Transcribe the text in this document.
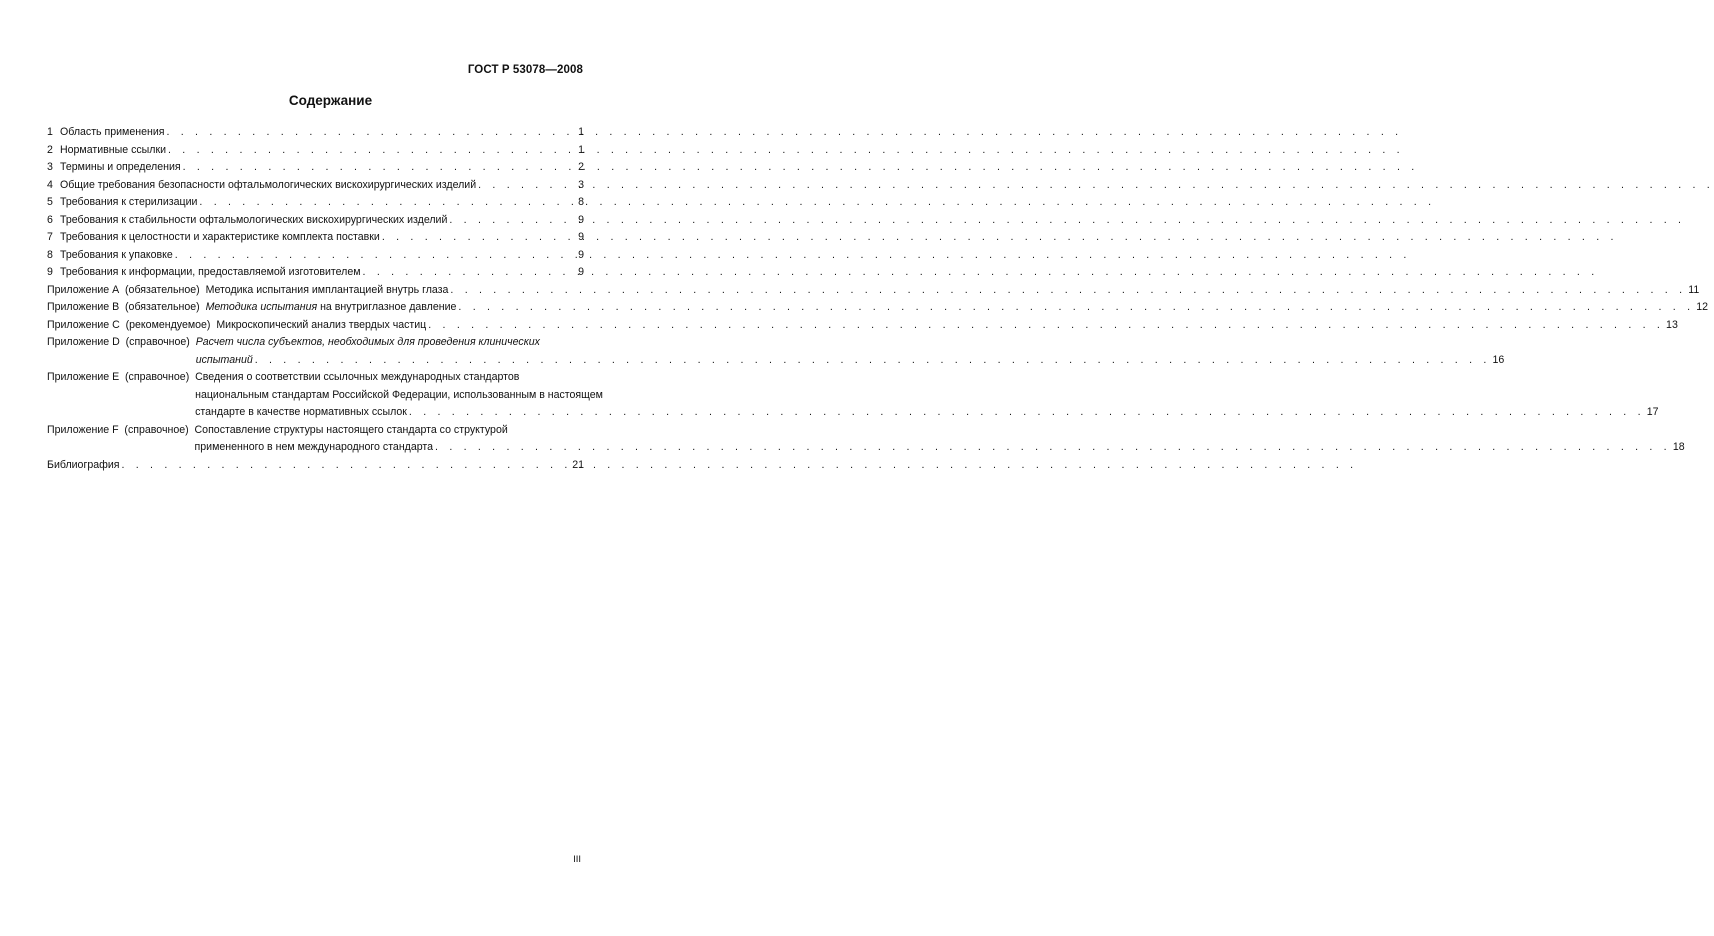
ГОСТ Р 53078—2008
Содержание
1 Область применения . . .	1
2 Нормативные ссылки . . .	1
3 Термины и определения . . .	2
4 Общие требования безопасности офтальмологических вискохирургических изделий . . .	3
5 Требования к стерилизации . . .	8
6 Требования к стабильности офтальмологических вискохирургических изделий . . .	9
7 Требования к целостности и характеристике комплекта поставки . . .	9
8 Требования к упаковке . . .	9
9 Требования к информации, предоставляемой изготовителем . . .	9
Приложение А  (обязательное) Методика испытания имплантацией внутрь глаза . . .	11
Приложение В  (обязательное) Методика испытания на внутриглазное давление . . .	12
Приложение С  (рекомендуемое) Микроскопический анализ твердых частиц . . .	13
Приложение D  (справочное) Расчет числа субъектов, необходимых для проведения клинических
испытаний . . .	16
Приложение Е  (справочное) Сведения о соответствии ссылочных международных стандартов
национальным стандартам Российской Федерации, использованным в настоящем
стандарте в качестве нормативных ссылок . . .	17
Приложение F  (справочное) Сопоставление структуры настоящего стандарта со структурой
примененного в нем международного стандарта . . .	18
Библиография . . .	21
III
